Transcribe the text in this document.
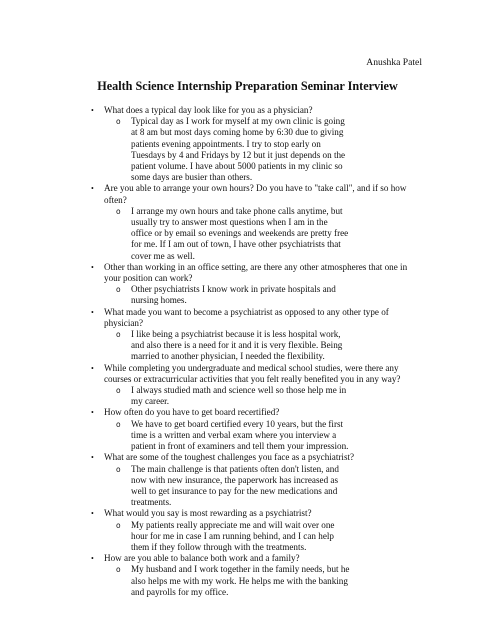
Anushka Patel
Health Science Internship Preparation Seminar Interview
• What does a typical day look like for you as a physician?
o Typical day as I work for myself at my own clinic is going at 8 am but most days coming home by 6:30 due to giving patients evening appointments. I try to stop early on Tuesdays by 4 and Fridays by 12 but it just depends on the patient volume. I have about 5000 patients in my clinic so some days are busier than others.
• Are you able to arrange your own hours? Do you have to "take call", and if so how often?
o I arrange my own hours and take phone calls anytime, but usually try to answer most questions when I am in the office or by email so evenings and weekends are pretty free for me. If I am out of town, I have other psychiatrists that cover me as well.
• Other than working in an office setting, are there any other atmospheres that one in your position can work?
o Other psychiatrists I know work in private hospitals and nursing homes.
• What made you want to become a psychiatrist as opposed to any other type of physician?
o I like being a psychiatrist because it is less hospital work, and also there is a need for it and it is very flexible. Being married to another physician, I needed the flexibility.
• While completing you undergraduate and medical school studies, were there any courses or extracurricular activities that you felt really benefited you in any way?
o I always studied math and science well so those help me in my career.
• How often do you have to get board recertified?
o We have to get board certified every 10 years, but the first time is a written and verbal exam where you interview a patient in front of examiners and tell them your impression.
• What are some of the toughest challenges you face as a psychiatrist?
o The main challenge is that patients often don't listen, and now with new insurance, the paperwork has increased as well to get insurance to pay for the new medications and treatments.
• What would you say is most rewarding as a psychiatrist?
o My patients really appreciate me and will wait over one hour for me in case I am running behind, and I can help them if they follow through with the treatments.
• How are you able to balance both work and a family?
o My husband and I work together in the family needs, but he also helps me with my work. He helps me with the banking and payrolls for my office.
